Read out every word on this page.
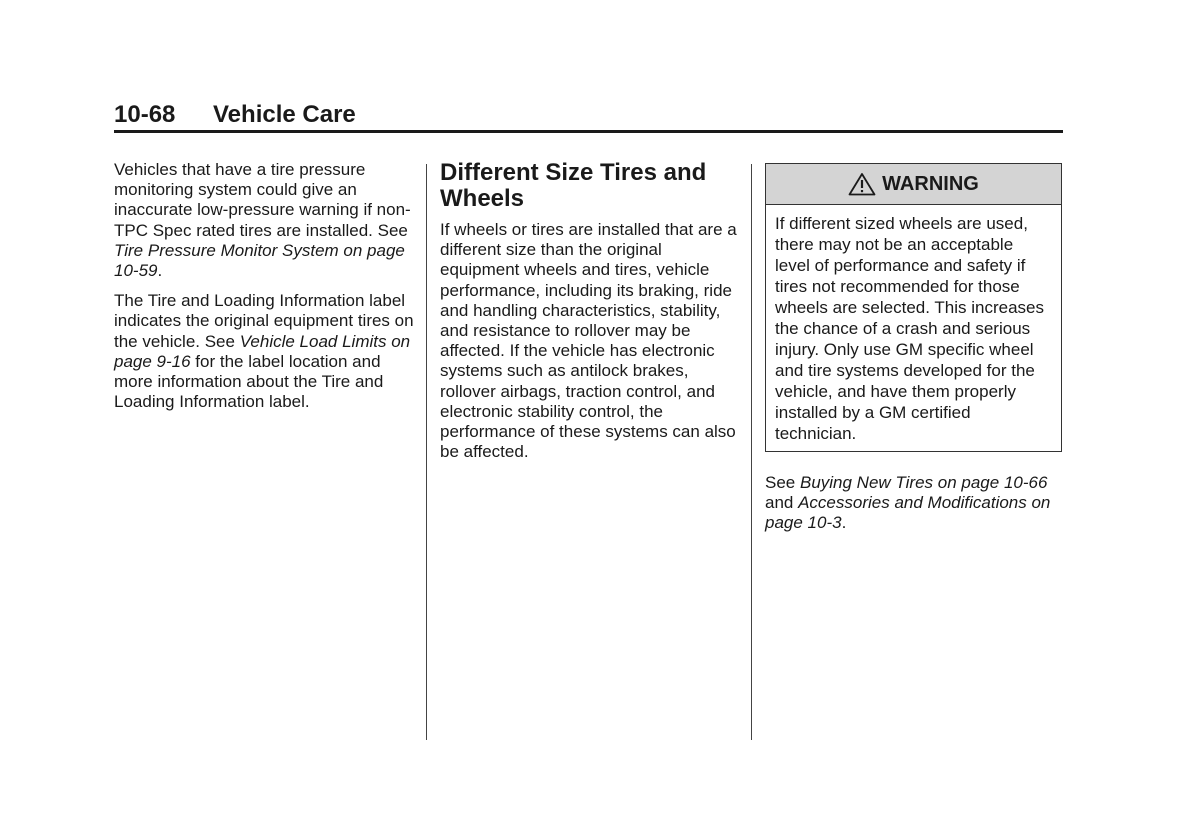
10-68 Vehicle Care

Vehicles that have a tire pressure monitoring system could give an inaccurate low-pressure warning if non-TPC Spec rated tires are installed. See Tire Pressure Monitor System on page 10-59.

The Tire and Loading Information label indicates the original equipment tires on the vehicle. See Vehicle Load Limits on page 9-16 for the label location and more information about the Tire and Loading Information label.

Different Size Tires and Wheels

If wheels or tires are installed that are a different size than the original equipment wheels and tires, vehicle performance, including its braking, ride and handling characteristics, stability, and resistance to rollover may be affected. If the vehicle has electronic systems such as antilock brakes, rollover airbags, traction control, and electronic stability control, the performance of these systems can also be affected.

WARNING
If different sized wheels are used, there may not be an acceptable level of performance and safety if tires not recommended for those wheels are selected. This increases the chance of a crash and serious injury. Only use GM specific wheel and tire systems developed for the vehicle, and have them properly installed by a GM certified technician.
See Buying New Tires on page 10-66 and Accessories and Modifications on page 10-3.
